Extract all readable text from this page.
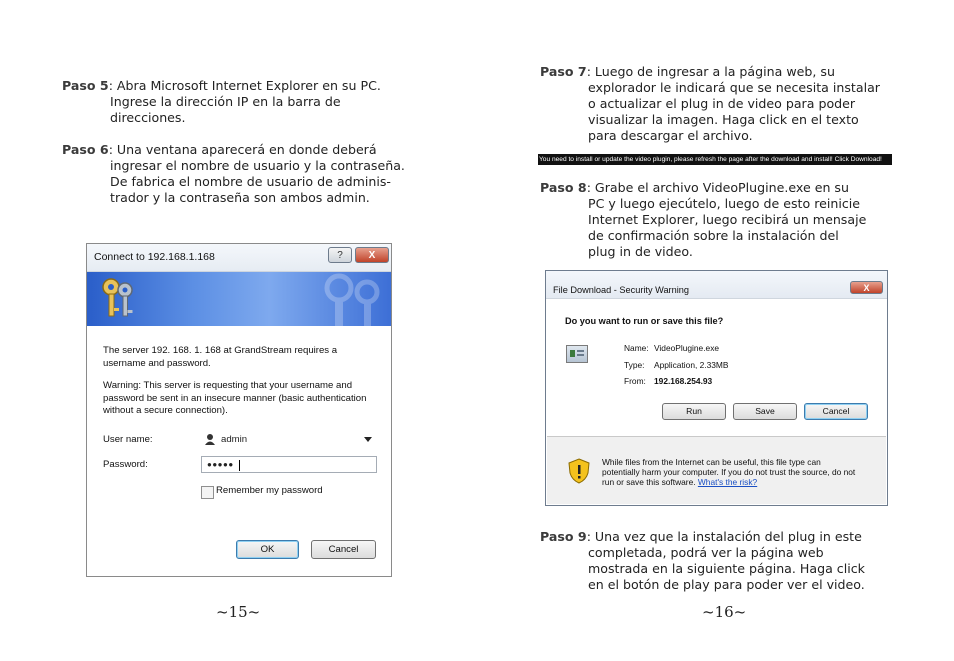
Paso 5: Abra Microsoft Internet Explorer en su PC.
Ingrese la dirección IP en la barra de
direcciones.
Paso 6: Una ventana aparecerá en donde deberá
ingresar el nombre de usuario y la contraseña.
De fabrica el nombre de usuario de adminis-
trador y la contraseña son ambos admin.
Connect to 192.168.1.168	?	X
The server 192. 168. 1. 168 at GrandStream requires a
username and password.
Warning: This server is requesting that your username and
password be sent in an insecure manner (basic authentication
without a secure connection).
User name:	admin
Password:	●●●●●
Remember my password
OK	Cancel
~15~
Paso 7: Luego de ingresar a la página web, su
explorador le indicará que se necesita instalar
o actualizar el plug in de video para poder
visualizar la imagen. Haga click en el texto
para descargar el archivo.
You need to install or update the video plugin, please refresh the page after the download and install! Click Download!
Paso 8: Grabe el archivo VideoPlugine.exe en su
PC y luego ejecútelo, luego de esto reinicie
Internet Explorer, luego recibirá un mensaje
de confirmación sobre la instalación del
plug in de video.
File Download - Security Warning	X
Do you want to run or save this file?
Name: VideoPlugine.exe
Type: Application, 2.33MB
From: 192.168.254.93
Run	Save	Cancel
While files from the Internet can be useful, this file type can
potentially harm your computer. If you do not trust the source, do not
run or save this software. What's the risk?
Paso 9: Una vez que la instalación del plug in este
completada, podrá ver la página web
mostrada en la siguiente página. Haga click
en el botón de play para poder ver el video.
~16~
